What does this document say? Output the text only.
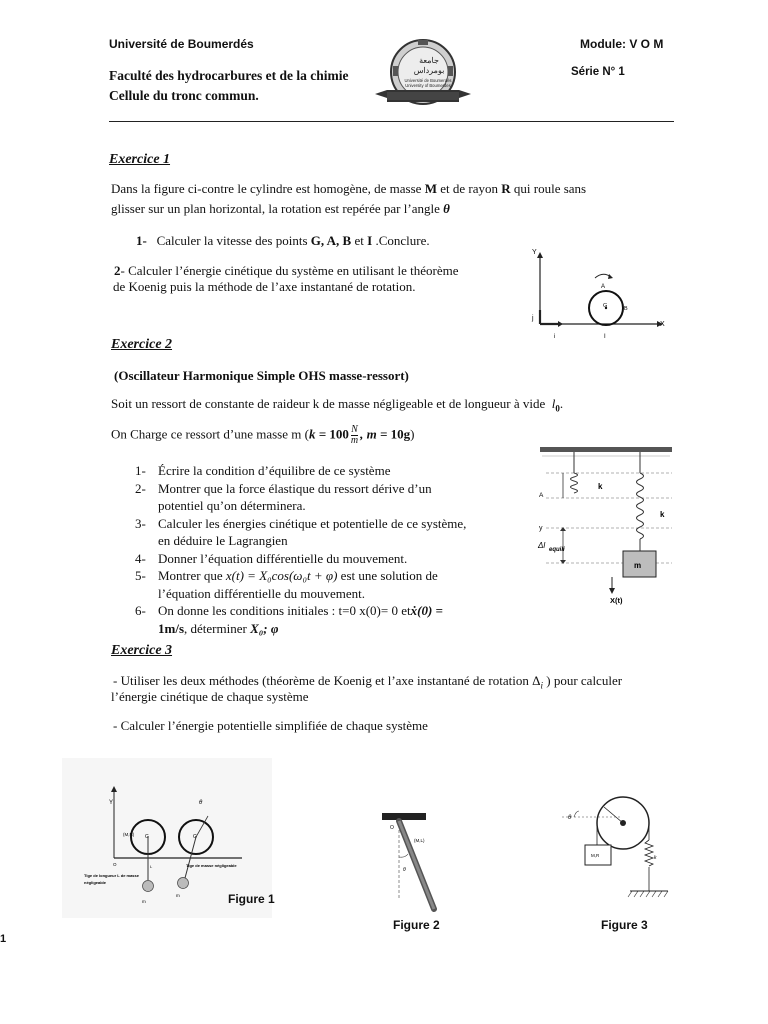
Université de Boumerdés	Module: V O M
Faculté des hydrocarbures et de la chimie	Série N° 1
Cellule du tronc commun.
جامعة
بومرداس
Université de Boumerdès
University of Boumerdes
Exercice 1
Dans la figure ci-contre le cylindre est homogène, de masse M et de rayon R qui roule sans
glisser sur un plan horizontal, la rotation est repérée par l’angle θ
1- Calculer la vitesse des points G, A, B et I .Conclure.
2- Calculer l’énergie cinétique du système en utilisant le théorème
de Koenig puis la méthode de l’axe instantané de rotation.
Y
X
j
i	I
A
G	B
Exercice 2
(Oscillateur Harmonique Simple OHS masse-ressort)
Soit un ressort de constante de raideur k de masse négligeable et de longueur à vide  $l_0$.
On Charge ce ressort d’une masse m ($k = 100 \frac{N}{m}$ , m = 10g)
1- Écrire la condition d’équilibre de ce système
2- Montrer que la force élastique du ressort dérive d’un
potentiel qu’on déterminera.
3- Calculer les énergies cinétique et potentielle de ce système,
en déduire le Lagrangien
4- Donner l’équation différentielle du mouvement.
5- Montrer que x(t) = X₀cos(ω₀t + φ) est une solution de
l’équation différentielle du mouvement.
6- On donne les conditions initiales : t=0 x(0)= 0 etẋ(0) =
1m/s, déterminer X₀; φ
k
k
A
y
Δl equili
m
X(t)
Exercice 3
- Utiliser les deux méthodes (théorème de Koenig et l’axe instantané de rotation $\Delta_i$ ) pour calculer
l’énergie cinétique de chaque système
- Calculer l’énergie potentielle simplifiée de chaque système
Y
(M,R) G	G
L
O
θ
Tige de longueur L de masse
négligeable
Tige de masse négligeable
m
m	Figure 1
O
(M,L)
θ
Figure 2
θ
M,R	k
Figure 3
1
